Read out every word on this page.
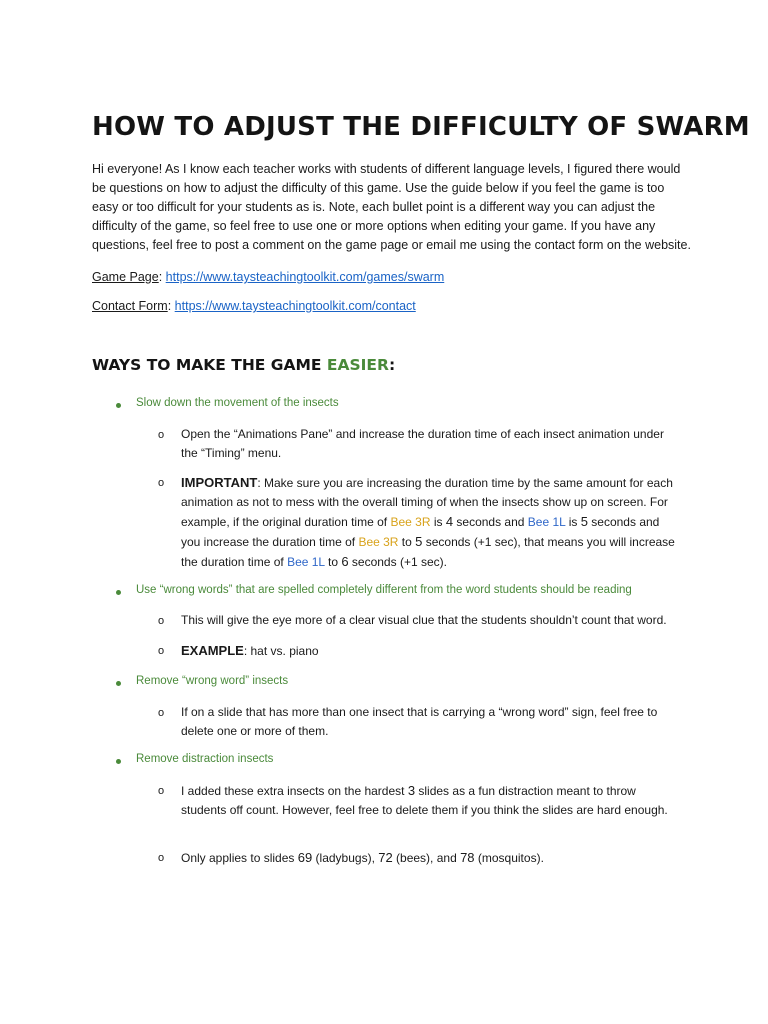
HOW TO ADJUST THE DIFFICULTY OF SWARM

Hi everyone! As I know each teacher works with students of different language levels, I figured there would be questions on how to adjust the difficulty of this game. Use the guide below if you feel the game is too easy or too difficult for your students as is. Note, each bullet point is a different way you can adjust the difficulty of the game, so feel free to use one or more options when editing your game. If you have any questions, feel free to post a comment on the game page or email me using the contact form on the website.

Game Page: https://www.taysteachingtoolkit.com/games/swarm

Contact Form: https://www.taysteachingtoolkit.com/contact

WAYS TO MAKE THE GAME EASIER:
Slow down the movement of the insects
o Open the “Animations Pane” and increase the duration time of each insect animation under the “Timing” menu.
o IMPORTANT: Make sure you are increasing the duration time by the same amount for each animation as not to mess with the overall timing of when the insects show up on screen. For example, if the original duration time of Bee 3R is 4 seconds and Bee 1L is 5 seconds and you increase the duration time of Bee 3R to 5 seconds (+1 sec), that means you will increase the duration time of Bee 1L to 6 seconds (+1 sec).
Use “wrong words” that are spelled completely different from the word students should be reading
o This will give the eye more of a clear visual clue that the students shouldn’t count that word.
o EXAMPLE: hat vs. piano
Remove “wrong word” insects
o If on a slide that has more than one insect that is carrying a “wrong word” sign, feel free to delete one or more of them.
Remove distraction insects
o I added these extra insects on the hardest 3 slides as a fun distraction meant to throw students off count. However, feel free to delete them if you think the slides are hard enough.
o Only applies to slides 69 (ladybugs), 72 (bees), and 78 (mosquitos).
